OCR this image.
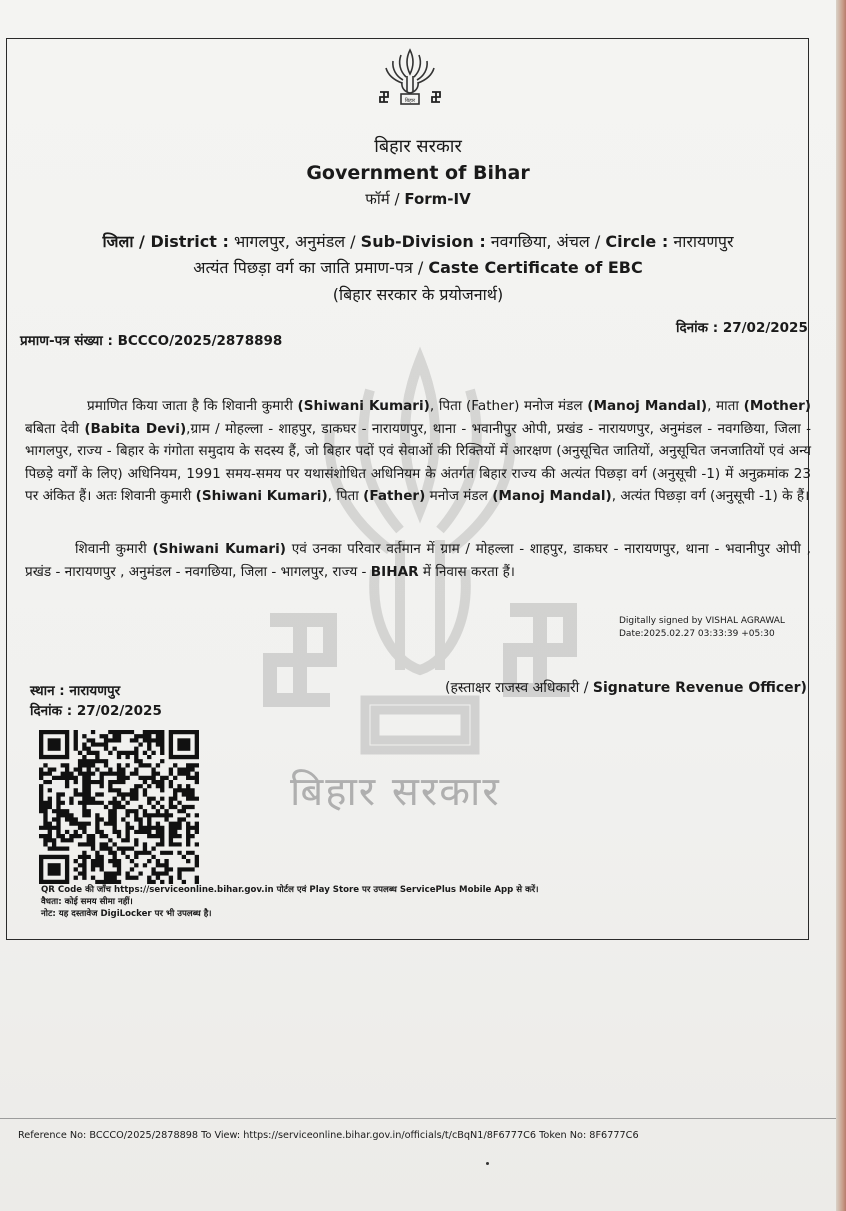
बिहार सरकार
बिहार
बिहार सरकार
Government of Bihar
फॉर्म / Form-IV
जिला / District : भागलपुर, अनुमंडल / Sub-Division : नवगछिया, अंचल / Circle : नारायणपुर
अत्यंत पिछड़ा वर्ग का जाति प्रमाण-पत्र / Caste Certificate of EBC
(बिहार सरकार के प्रयोजनार्थ)
प्रमाण-पत्र संख्या : BCCCO/2025/2878898
दिनांक : 27/02/2025

प्रमाणित किया जाता है कि शिवानी कुमारी (Shiwani Kumari), पिता (Father) मनोज मंडल (Manoj Mandal), माता (Mother) बबिता देवी (Babita Devi),ग्राम / मोहल्ला - शाहपुर, डाकघर - नारायणपुर, थाना - भवानीपुर ओपी, प्रखंड - नारायणपुर, अनुमंडल - नवगछिया, जिला - भागलपुर, राज्य - बिहार के गंगोता समुदाय के सदस्य हैं, जो बिहार पदों एवं सेवाओं की रिक्तियों में आरक्षण (अनुसूचित जातियों, अनुसूचित जनजातियों एवं अन्य पिछड़े वर्गों के लिए) अधिनियम, 1991 समय-समय पर यथासंशोधित अधिनियम के अंतर्गत बिहार राज्य की अत्यंत पिछड़ा वर्ग (अनुसूची -1) में अनुक्रमांक 23 पर अंकित हैं। अतः शिवानी कुमारी (Shiwani Kumari), पिता (Father) मनोज मंडल (Manoj Mandal), अत्यंत पिछड़ा वर्ग (अनुसूची -1) के हैं।

शिवानी कुमारी (Shiwani Kumari) एवं उनका परिवार वर्तमान में ग्राम / मोहल्ला - शाहपुर, डाकघर - नारायणपुर, थाना - भवानीपुर ओपी , प्रखंड - नारायणपुर , अनुमंडल - नवगछिया, जिला - भागलपुर, राज्य - BIHAR में निवास करता हैं।

Digitally signed by VISHAL AGRAWAL
Date:2025.02.27 03:33:39 +05:30
(हस्ताक्षर राजस्व अधिकारी / Signature Revenue Officer)
स्थान : नारायणपुर
दिनांक : 27/02/2025
QR Code की जाँच https://serviceonline.bihar.gov.in पोर्टल एवं Play Store पर उपलब्ध ServicePlus Mobile App से करें।
वैधता: कोई समय सीमा नहीं।
नोट: यह दस्तावेज DigiLocker पर भी उपलब्ध है।
Reference No: BCCCO/2025/2878898 To View: https://serviceonline.bihar.gov.in/officials/t/cBqN1/8F6777C6 Token No: 8F6777C6
